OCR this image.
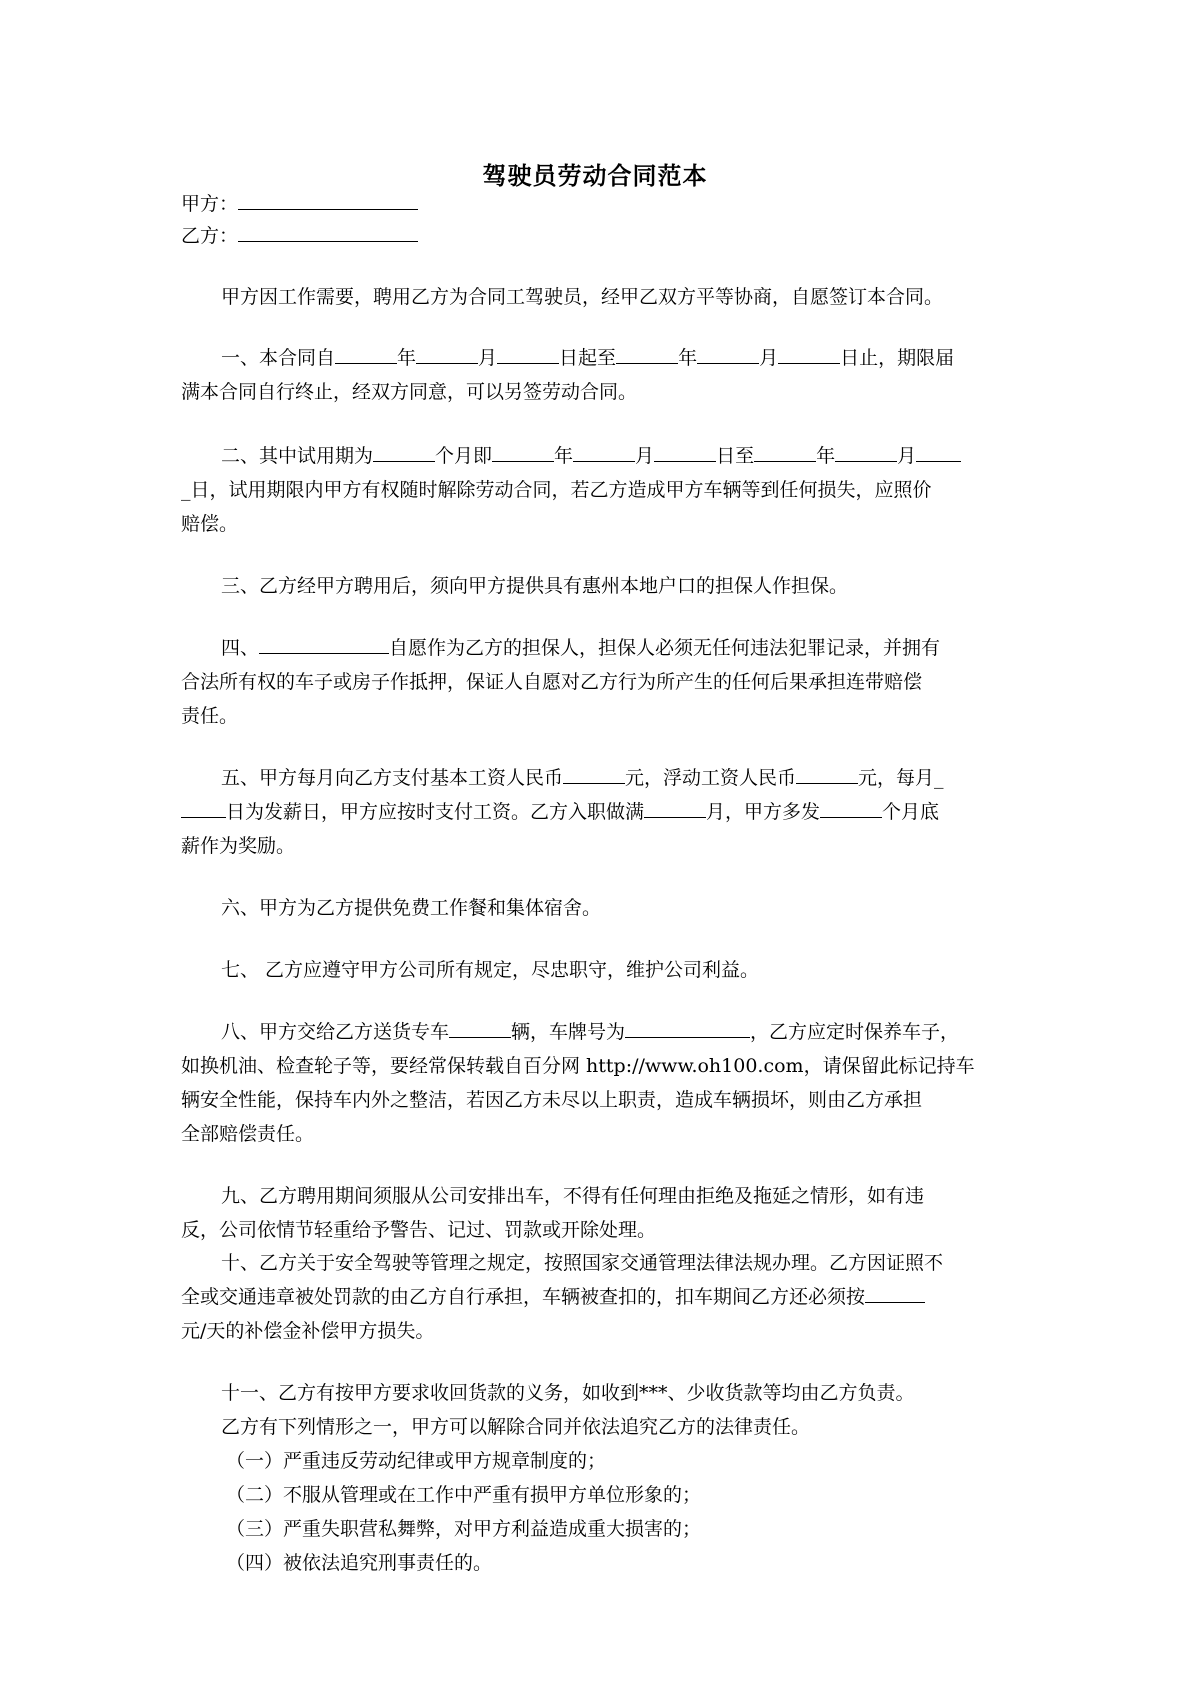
驾驶员劳动合同范本
甲方：
乙方：
甲方因工作需要，聘用乙方为合同工驾驶员，经甲乙双方平等协商，自愿签订本合同。
一、本合同自	年	月	日起至	年	月	日止，期限届
满本合同自行终止，经双方同意，可以另签劳动合同。
二、其中试用期为	个月即	年	月	日至	年	月
_日，试用期限内甲方有权随时解除劳动合同，若乙方造成甲方车辆等到任何损失，应照价
赔偿。
三、乙方经甲方聘用后，须向甲方提供具有惠州本地户口的担保人作担保。
四、	自愿作为乙方的担保人，担保人必须无任何违法犯罪记录，并拥有
合法所有权的车子或房子作抵押，保证人自愿对乙方行为所产生的任何后果承担连带赔偿
责任。
五、甲方每月向乙方支付基本工资人民币	元，浮动工资人民币	元，每月_
日为发薪日，甲方应按时支付工资。乙方入职做满	月，甲方多发	个月底
薪作为奖励。
六、甲方为乙方提供免费工作餐和集体宿舍。
七、 乙方应遵守甲方公司所有规定，尽忠职守，维护公司利益。
八、甲方交给乙方送货专车	辆，车牌号为	，乙方应定时保养车子，
如换机油、检查轮子等，要经常保转载自百分网 http://www.oh100.com，请保留此标记持车
辆安全性能，保持车内外之整洁，若因乙方未尽以上职责，造成车辆损坏，则由乙方承担
全部赔偿责任。
九、乙方聘用期间须服从公司安排出车，不得有任何理由拒绝及拖延之情形，如有违
反，公司依情节轻重给予警告、记过、罚款或开除处理。
十、乙方关于安全驾驶等管理之规定，按照国家交通管理法律法规办理。乙方因证照不
全或交通违章被处罚款的由乙方自行承担，车辆被查扣的，扣车期间乙方还必须按
元/天的补偿金补偿甲方损失。
十一、乙方有按甲方要求收回货款的义务，如收到***、少收货款等均由乙方负责。
乙方有下列情形之一，甲方可以解除合同并依法追究乙方的法律责任。
（一）严重违反劳动纪律或甲方规章制度的；
（二）不服从管理或在工作中严重有损甲方单位形象的；
（三）严重失职营私舞弊，对甲方利益造成重大损害的；
（四）被依法追究刑事责任的。
